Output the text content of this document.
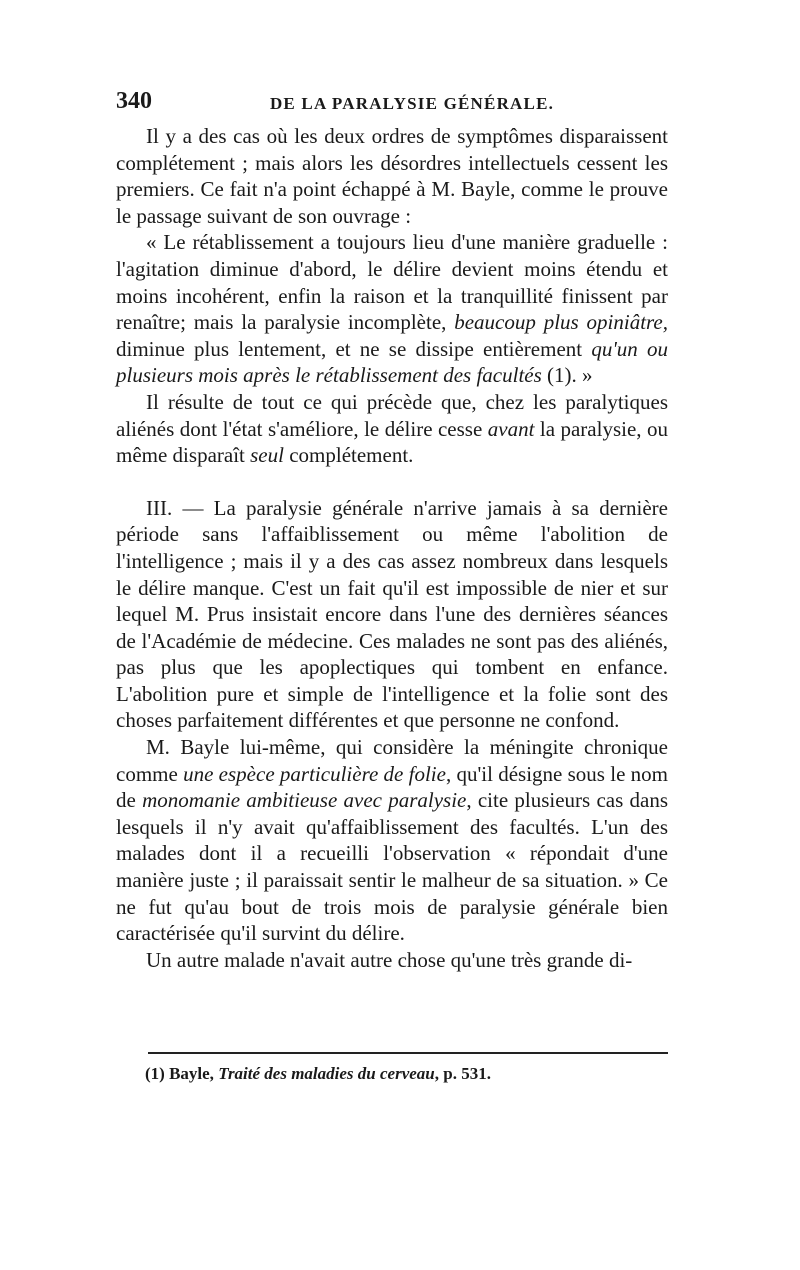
340	DE LA PARALYSIE GÉNÉRALE.

Il y a des cas où les deux ordres de symptômes disparaissent complétement ; mais alors les désordres intellectuels cessent les premiers. Ce fait n'a point échappé à M. Bayle, comme le prouve le passage suivant de son ouvrage :

« Le rétablissement a toujours lieu d'une manière graduelle : l'agitation diminue d'abord, le délire devient moins étendu et moins incohérent, enfin la raison et la tranquillité finissent par renaître; mais la paralysie incomplète, beaucoup plus opiniâtre, diminue plus lentement, et ne se dissipe entièrement qu'un ou plusieurs mois après le rétablissement des facultés (1). »

Il résulte de tout ce qui précède que, chez les paralytiques aliénés dont l'état s'améliore, le délire cesse avant la paralysie, ou même disparaît seul complétement.

III. — La paralysie générale n'arrive jamais à sa dernière période sans l'affaiblissement ou même l'abolition de l'intelligence ; mais il y a des cas assez nombreux dans lesquels le délire manque. C'est un fait qu'il est impossible de nier et sur lequel M. Prus insistait encore dans l'une des dernières séances de l'Académie de médecine. Ces malades ne sont pas des aliénés, pas plus que les apoplectiques qui tombent en enfance. L'abolition pure et simple de l'intelligence et la folie sont des choses parfaitement différentes et que personne ne confond.

M. Bayle lui-même, qui considère la méningite chronique comme une espèce particulière de folie, qu'il désigne sous le nom de monomanie ambitieuse avec paralysie, cite plusieurs cas dans lesquels il n'y avait qu'affaiblissement des facultés. L'un des malades dont il a recueilli l'observation « répondait d'une manière juste ; il paraissait sentir le malheur de sa situation. » Ce ne fut qu'au bout de trois mois de paralysie générale bien caractérisée qu'il survint du délire.

Un autre malade n'avait autre chose qu'une très grande di-

(1) Bayle, Traité des maladies du cerveau, p. 531.
